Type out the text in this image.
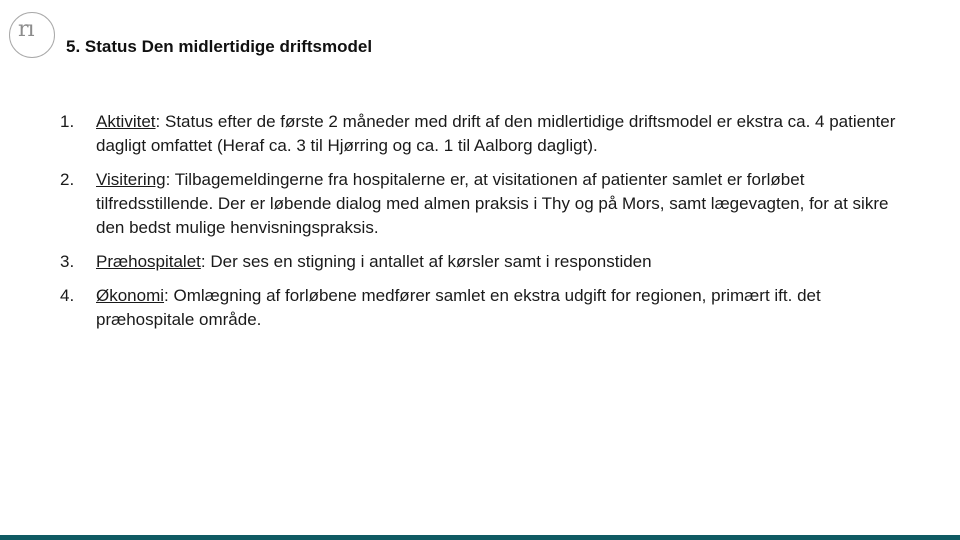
rı
5. Status Den midlertidige driftsmodel
1. Aktivitet: Status efter de første 2 måneder med drift af den midlertidige driftsmodel er ekstra ca. 4 patienter dagligt omfattet (Heraf ca. 3 til Hjørring og ca. 1 til Aalborg dagligt).
2. Visitering: Tilbagemeldingerne fra hospitalerne er, at visitationen af patienter samlet er forløbet tilfredsstillende. Der er løbende dialog med almen praksis i Thy og på Mors, samt lægevagten, for at sikre den bedst mulige henvisningspraksis.
3. Præhospitalet: Der ses en stigning i antallet af kørsler samt i responstiden
4. Økonomi: Omlægning af forløbene medfører samlet en ekstra udgift for regionen, primært ift. det præhospitale område.
